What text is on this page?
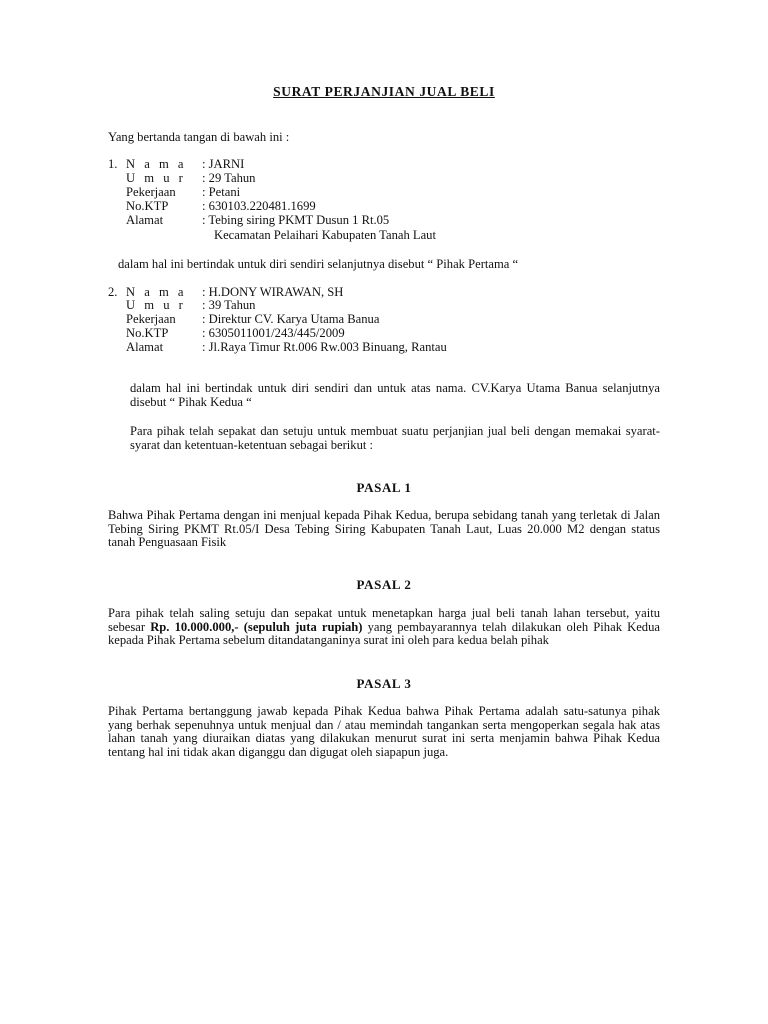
SURAT PERJANJIAN JUAL BELI
Yang bertanda tangan di bawah ini :
1. N a m a : JARNI
U m u r : 29 Tahun
Pekerjaan : Petani
No.KTP	: 630103.220481.1699
Alamat	: Tebing siring PKMT Dusun 1 Rt.05
Kecamatan Pelaihari Kabupaten Tanah Laut
dalam hal ini bertindak untuk diri sendiri selanjutnya disebut “ Pihak Pertama “
2. N a m a : H.DONY WIRAWAN, SH
U m u r : 39 Tahun
Pekerjaan : Direktur CV. Karya Utama Banua
No.KTP	: 6305011001/243/445/2009
Alamat	: Jl.Raya Timur Rt.006 Rw.003 Binuang, Rantau
dalam hal ini bertindak untuk diri sendiri dan untuk atas nama. CV.Karya Utama Banua selanjutnya disebut “ Pihak Kedua “
Para pihak telah sepakat dan setuju untuk membuat suatu perjanjian jual beli dengan memakai syarat- syarat dan ketentuan-ketentuan sebagai berikut :
PASAL 1
Bahwa Pihak Pertama dengan ini menjual kepada Pihak Kedua, berupa sebidang tanah yang terletak di Jalan Tebing Siring PKMT Rt.05/I Desa Tebing Siring Kabupaten Tanah Laut, Luas 20.000 M2 dengan status tanah Penguasaan Fisik
PASAL 2
Para pihak telah saling setuju dan sepakat untuk menetapkan harga jual beli tanah lahan tersebut, yaitu sebesar Rp. 10.000.000,- (sepuluh juta rupiah) yang pembayarannya telah dilakukan oleh Pihak Kedua kepada Pihak Pertama sebelum ditandatanganinya surat ini oleh para kedua belah pihak
PASAL 3
Pihak Pertama bertanggung jawab kepada Pihak Kedua bahwa Pihak Pertama adalah satu-satunya pihak yang berhak sepenuhnya untuk menjual dan / atau memindah tangankan serta mengoperkan segala hak atas lahan tanah yang diuraikan diatas yang dilakukan menurut surat ini serta menjamin bahwa Pihak Kedua tentang hal ini tidak akan diganggu dan digugat oleh siapapun juga.
